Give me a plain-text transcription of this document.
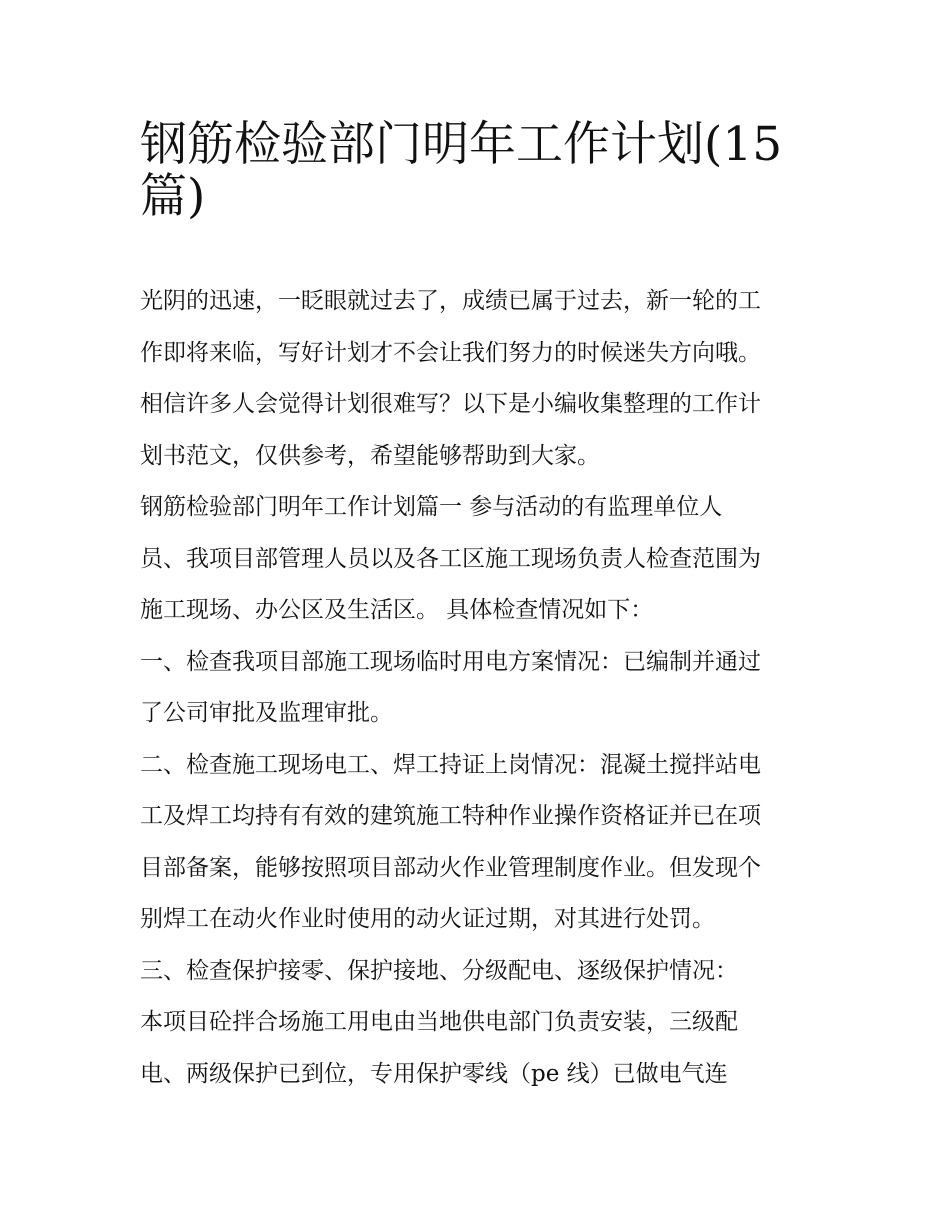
钢筋检验部门明年工作计划(15
篇)
光阴的迅速，一眨眼就过去了，成绩已属于过去，新一轮的工
作即将来临，写好计划才不会让我们努力的时候迷失方向哦。
相信许多人会觉得计划很难写？以下是小编收集整理的工作计
划书范文，仅供参考，希望能够帮助到大家。
钢筋检验部门明年工作计划篇一 参与活动的有监理单位人
员、我项目部管理人员以及各工区施工现场负责人检查范围为
施工现场、办公区及生活区。 具体检查情况如下：
一、检查我项目部施工现场临时用电方案情况：已编制并通过
了公司审批及监理审批。
二、检查施工现场电工、焊工持证上岗情况：混凝土搅拌站电
工及焊工均持有有效的建筑施工特种作业操作资格证并已在项
目部备案，能够按照项目部动火作业管理制度作业。但发现个
别焊工在动火作业时使用的动火证过期，对其进行处罚。
三、检查保护接零、保护接地、分级配电、逐级保护情况：
本项目砼拌合场施工用电由当地供电部门负责安装，三级配
电、两级保护已到位，专用保护零线（pe 线）已做电气连
